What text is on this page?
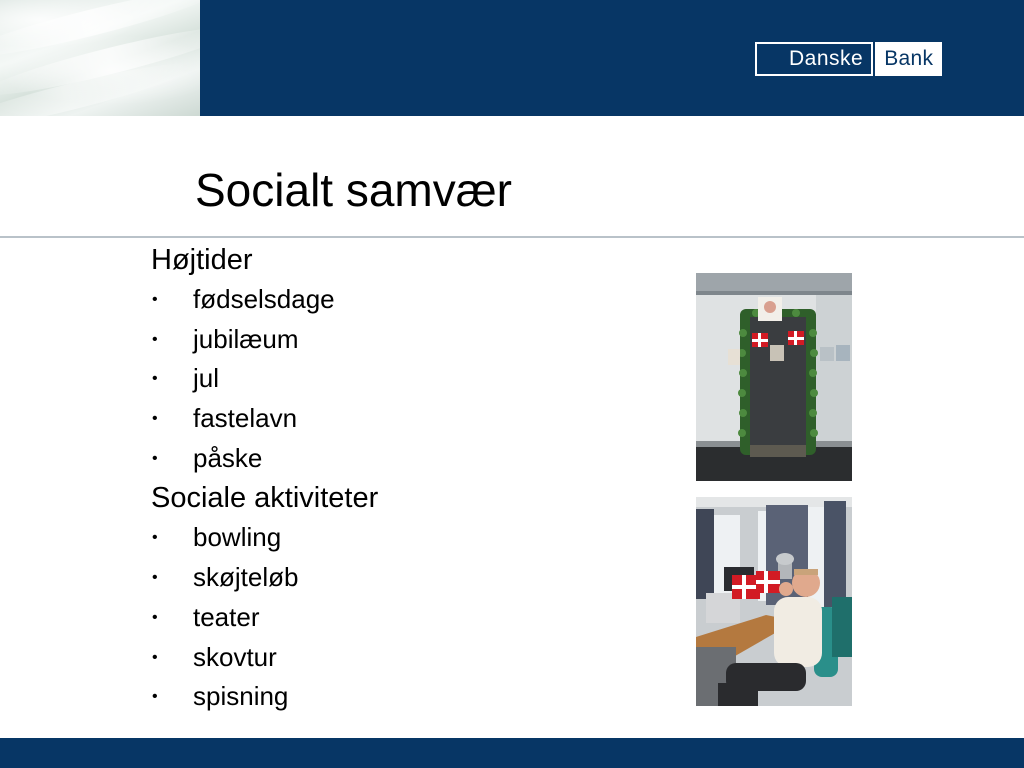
Danske	Bank
Socialt samvær
Højtider
• fødselsdage
• jubilæum
• jul
• fastelavn
• påske
Sociale aktiviteter
• bowling
• skøjteløb
• teater
• skovtur
• spisning
